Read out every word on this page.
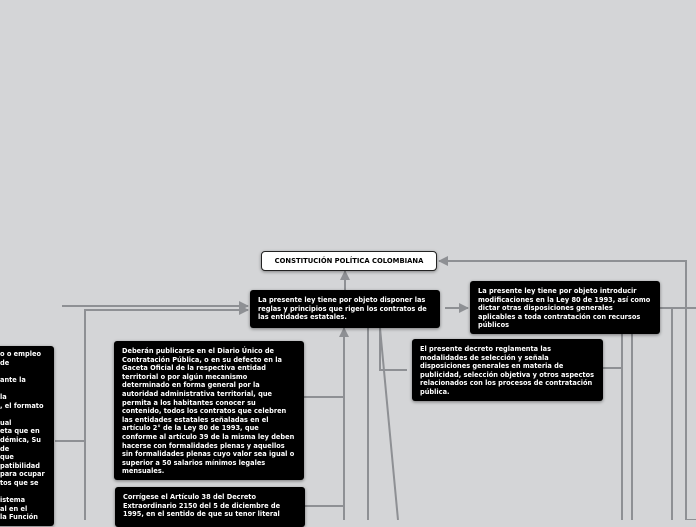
CONSTITUCIÓN POLÍTICA COLOMBIANA
La presente ley tiene por objeto disponer las reglas y principios que rigen los contratos de las entidades estatales.
La presente ley tiene por objeto introducir modificaciones en la Ley 80 de 1993, así como dictar otras disposiciones generales aplicables a toda contratación con recursos públicos
El presente decreto reglamenta las modalidades de selección y señala disposiciones generales en materia de publicidad, selección objetiva y otros aspectos relacionados con los procesos de contratación pública.
Deberán publicarse en el Diario Único de Contratación Pública, o en su defecto en la Gaceta Oficial de la respectiva entidad territorial o por algún mecanismo determinado en forma general por la autoridad administrativa territorial, que permita a los habitantes conocer su contenido, todos los contratos que celebren las entidades estatales señaladas en el artículo 2° de la Ley 80 de 1993, que conforme al artículo 39 de la misma ley deben hacerse con formalidades plenas y aquellos sin formalidades plenas cuyo valor sea igual o superior a 50 salarios mínimos legales mensuales.
Corrígese el Artículo 38 del Decreto Extraordinario 2150 del 5 de diciembre de 1995, en el sentido de que su tenor literal
o o empleo
de

ante la

la
, el formato

ual
eta que en
démica, Su
de
que
patibilidad
para ocupar
tos que se

istema
al en el
la Función
